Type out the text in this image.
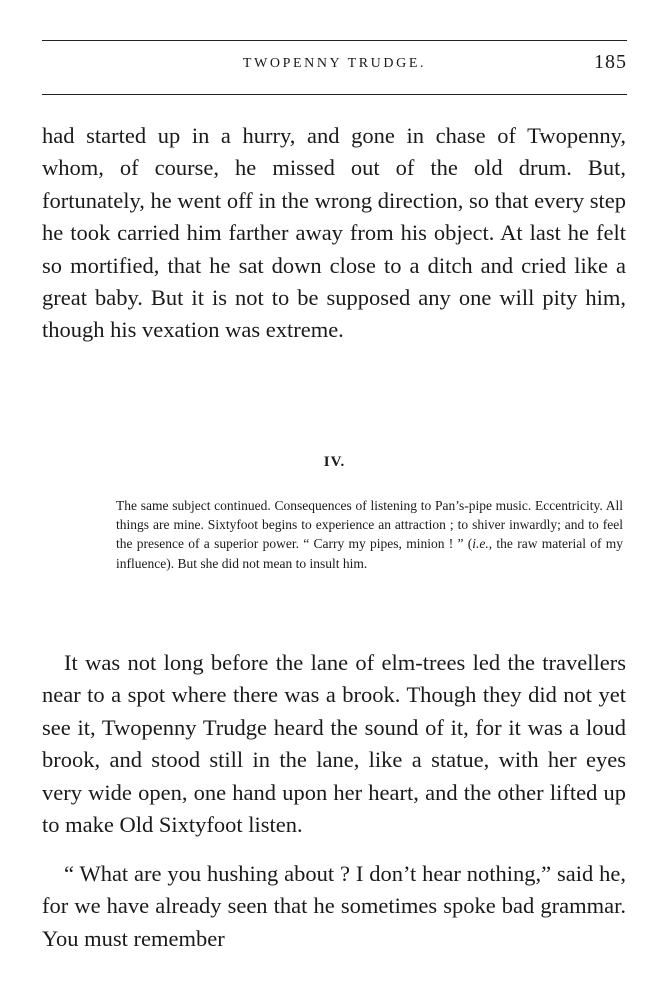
TWOPENNY TRUDGE.	185

had started up in a hurry, and gone in chase of Twopenny, whom, of course, he missed out of the old drum. But, fortunately, he went off in the wrong direction, so that every step he took carried him farther away from his object. At last he felt so mortified, that he sat down close to a ditch and cried like a great baby. But it is not to be supposed any one will pity him, though his vexation was extreme.

IV.

The same subject continued. Consequences of listening to Pan’s-pipe music. Eccentricity. All things are mine. Sixtyfoot begins to experience an attraction ; to shiver inwardly; and to feel the presence of a superior power. “ Carry my pipes, minion ! ” (i.e., the raw material of my influence). But she did not mean to insult him.

It was not long before the lane of elm-trees led the travellers near to a spot where there was a brook. Though they did not yet see it, Twopenny Trudge heard the sound of it, for it was a loud brook, and stood still in the lane, like a statue, with her eyes very wide open, one hand upon her heart, and the other lifted up to make Old Sixtyfoot listen.

“ What are you hushing about ? I don’t hear nothing,” said he, for we have already seen that he sometimes spoke bad grammar. You must remember
